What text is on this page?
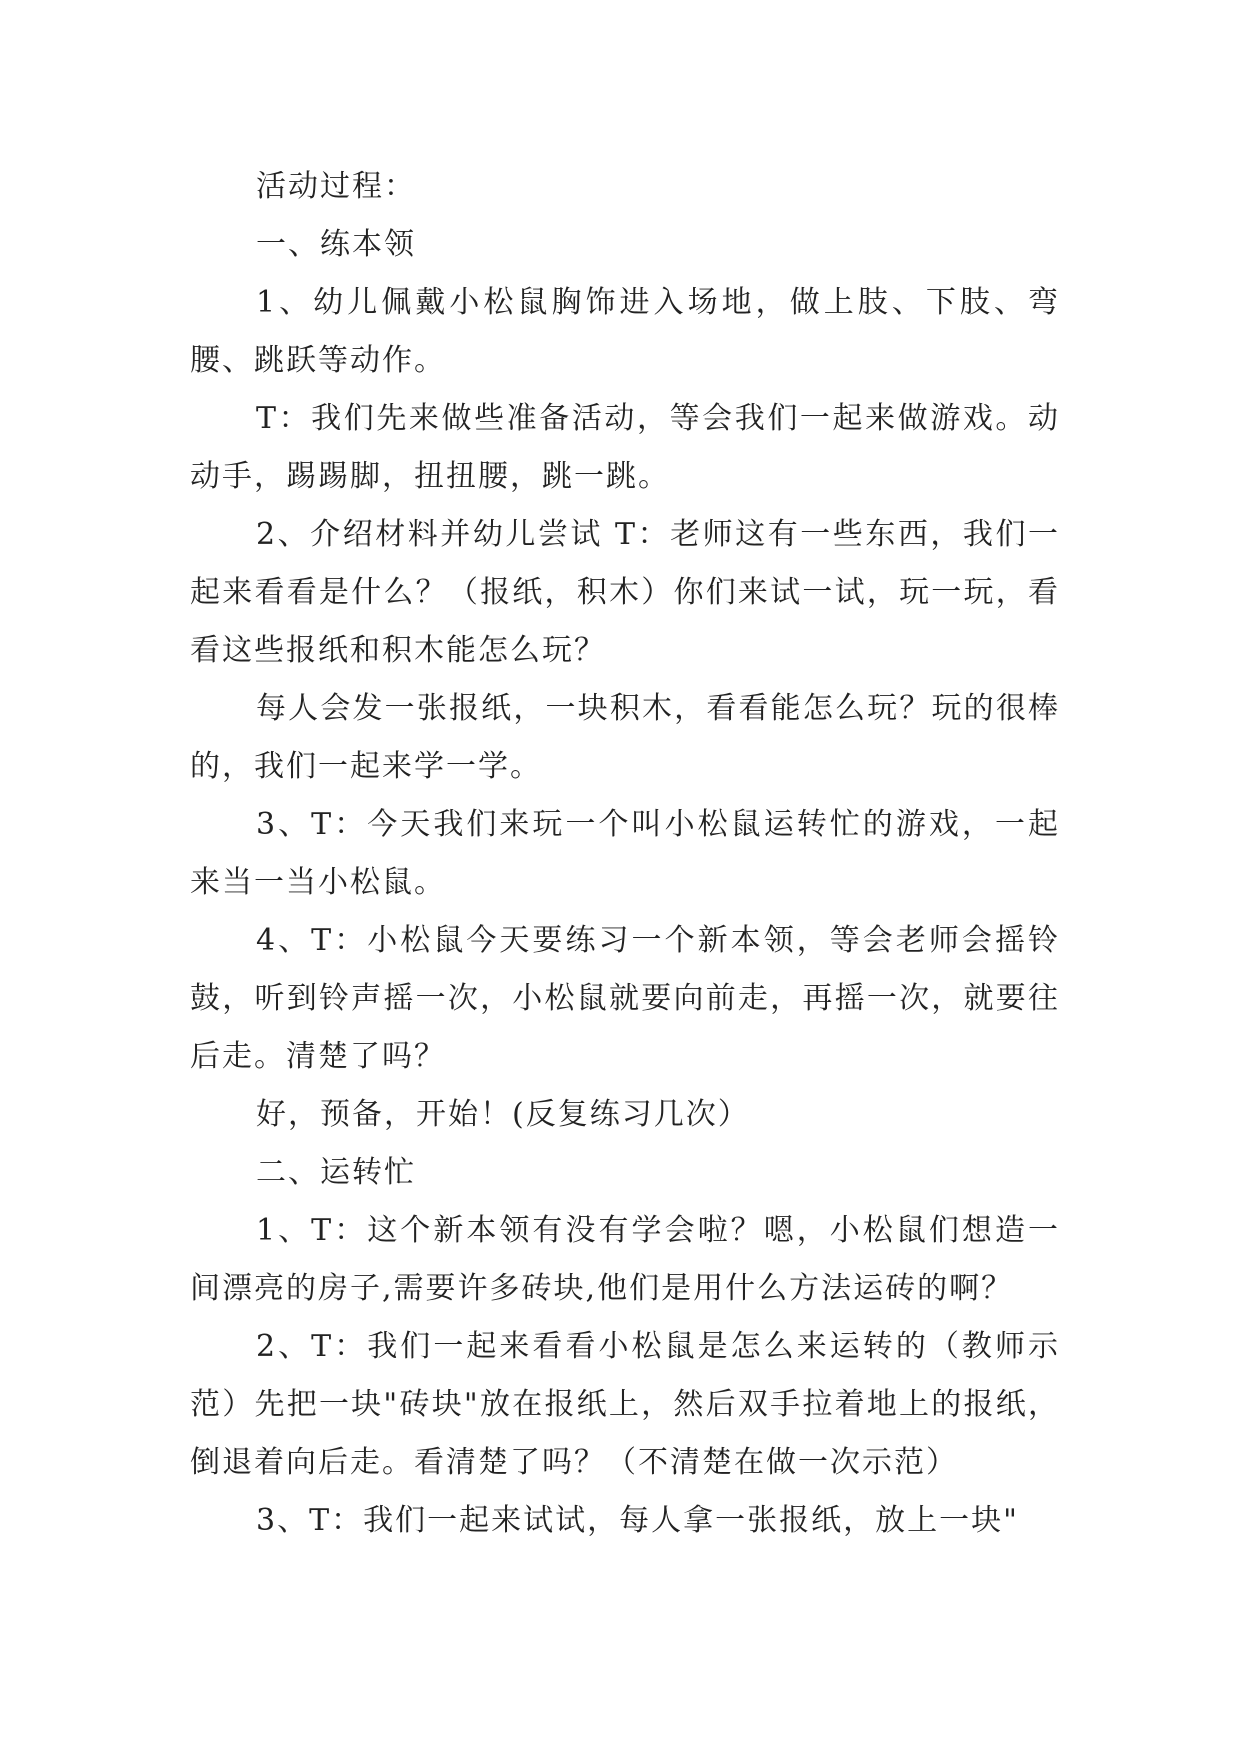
活动过程：

一、练本领

1、幼儿佩戴小松鼠胸饰进入场地，做上肢、下肢、弯腰、跳跃等动作。

T：我们先来做些准备活动，等会我们一起来做游戏。动动手，踢踢脚，扭扭腰，跳一跳。

2、介绍材料并幼儿尝试 T：老师这有一些东西，我们一起来看看是什么？（报纸，积木）你们来试一试，玩一玩，看看这些报纸和积木能怎么玩？

每人会发一张报纸，一块积木，看看能怎么玩？玩的很棒的，我们一起来学一学。

3、T：今天我们来玩一个叫小松鼠运转忙的游戏，一起来当一当小松鼠。

4、T：小松鼠今天要练习一个新本领，等会老师会摇铃鼓，听到铃声摇一次，小松鼠就要向前走，再摇一次，就要往后走。清楚了吗？

好，预备，开始！(反复练习几次）

二、运转忙

1、T：这个新本领有没有学会啦？嗯，小松鼠们想造一间漂亮的房子,需要许多砖块,他们是用什么方法运砖的啊？

2、T：我们一起来看看小松鼠是怎么来运转的（教师示范）先把一块"砖块"放在报纸上，然后双手拉着地上的报纸，倒退着向后走。看清楚了吗？（不清楚在做一次示范）

3、T：我们一起来试试，每人拿一张报纸，放上一块"
